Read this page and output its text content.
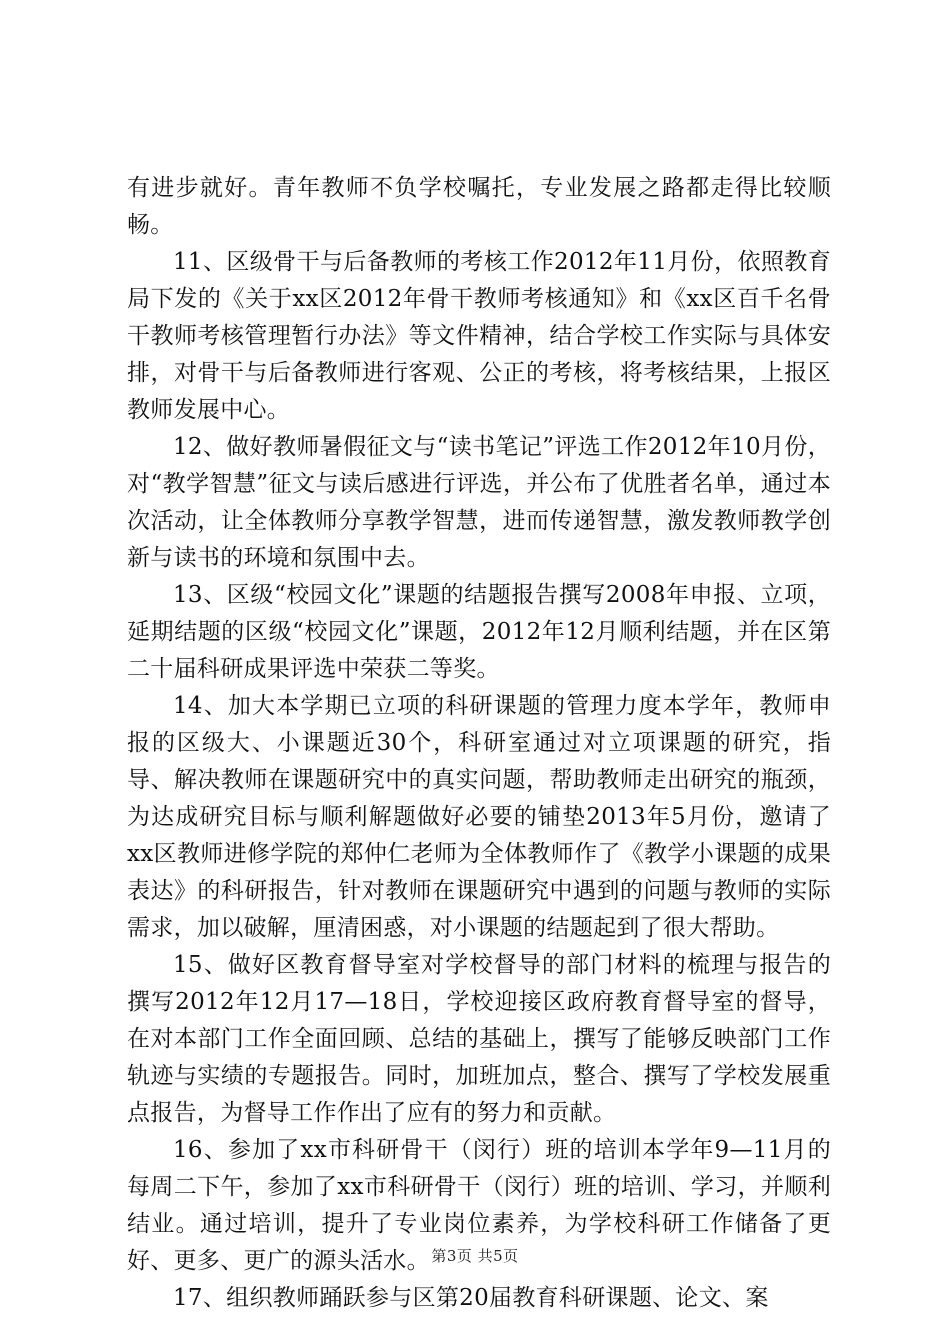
有进步就好。青年教师不负学校嘱托，专业发展之路都走得比较顺畅。

11、区级骨干与后备教师的考核工作2012年11月份，依照教育局下发的《关于xx区2012年骨干教师考核通知》和《xx区百千名骨干教师考核管理暂行办法》等文件精神，结合学校工作实际与具体安排，对骨干与后备教师进行客观、公正的考核，将考核结果，上报区教师发展中心。

12、做好教师暑假征文与“读书笔记”评选工作2012年10月份，对“教学智慧”征文与读后感进行评选，并公布了优胜者名单，通过本次活动，让全体教师分享教学智慧，进而传递智慧，激发教师教学创新与读书的环境和氛围中去。

13、区级“校园文化”课题的结题报告撰写2008年申报、立项，延期结题的区级“校园文化”课题，2012年12月顺利结题，并在区第二十届科研成果评选中荣获二等奖。

14、加大本学期已立项的科研课题的管理力度本学年，教师申报的区级大、小课题近30个，科研室通过对立项课题的研究，指导、解决教师在课题研究中的真实问题，帮助教师走出研究的瓶颈，为达成研究目标与顺利解题做好必要的铺垫2013年5月份，邀请了xx区教师进修学院的郑仲仁老师为全体教师作了《教学小课题的成果表达》的科研报告，针对教师在课题研究中遇到的问题与教师的实际需求，加以破解，厘清困惑，对小课题的结题起到了很大帮助。

15、做好区教育督导室对学校督导的部门材料的梳理与报告的撰写2012年12月17—18日，学校迎接区政府教育督导室的督导，在对本部门工作全面回顾、总结的基础上，撰写了能够反映部门工作轨迹与实绩的专题报告。同时，加班加点，整合、撰写了学校发展重点报告，为督导工作作出了应有的努力和贡献。

16、参加了xx市科研骨干（闵行）班的培训本学年9—11月的每周二下午，参加了xx市科研骨干（闵行）班的培训、学习，并顺利结业。通过培训，提升了专业岗位素养，为学校科研工作储备了更好、更多、更广的源头活水。

17、组织教师踊跃参与区第20届教育科研课题、论文、案

第3页 共5页
